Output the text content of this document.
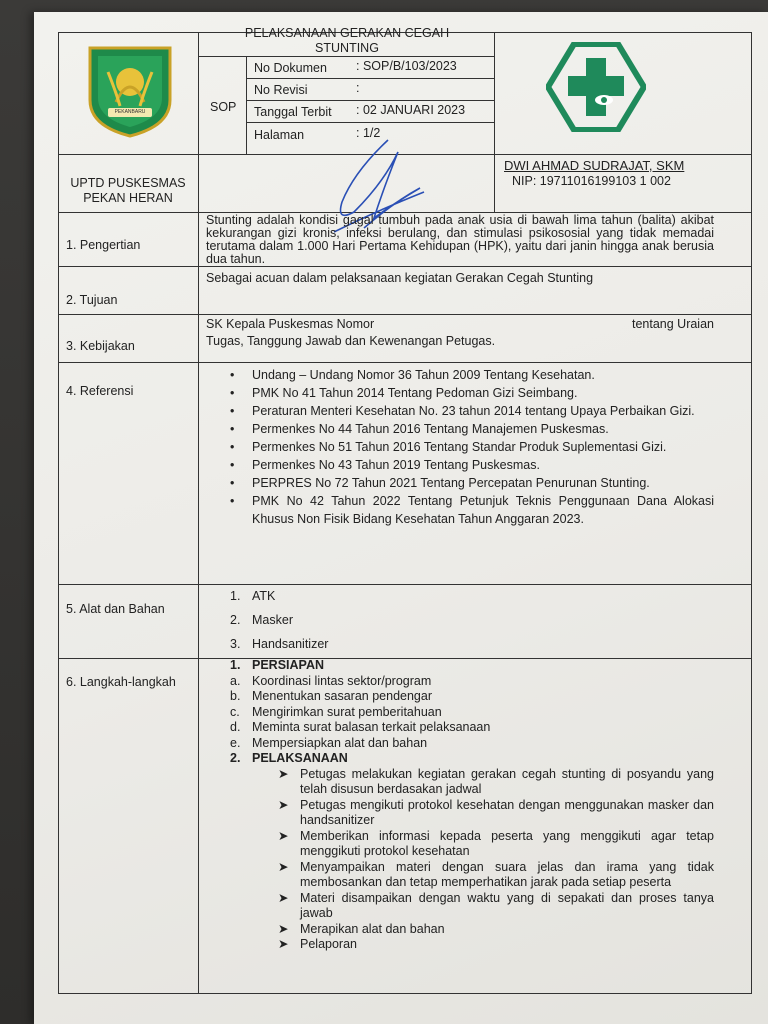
PEKANBARU
PELAKSANAAN GERAKAN CEGAH
STUNTING
SOP
No Dokumen : SOP/B/103/2023
No Revisi	:
Tanggal Terbit : 02 JANUARI 2023
Halaman	: 1/2
UPTD PUSKESMAS
PEKAN HERAN
DWI AHMAD SUDRAJAT, SKM
NIP: 19711016199103 1 002
1. Pengertian
Stunting adalah kondisi gagal tumbuh pada anak usia di bawah lima tahun (balita) akibat kekurangan gizi kronis, infeksi berulang, dan stimulasi psikososial yang tidak memadai terutama dalam 1.000 Hari Pertama Kehidupan (HPK), yaitu dari janin hingga anak berusia dua tahun.
2. Tujuan
Sebagai acuan dalam pelaksanaan kegiatan Gerakan Cegah Stunting
3. Kebijakan
SK Kepala Puskesmas Nomor	tentang Uraian
Tugas, Tanggung Jawab dan Kewenangan Petugas.
4. Referensi
• Undang – Undang Nomor 36 Tahun 2009 Tentang Kesehatan.
• PMK No 41 Tahun 2014 Tentang Pedoman Gizi Seimbang.
• Peraturan Menteri Kesehatan No. 23 tahun 2014 tentang Upaya Perbaikan Gizi.
• Permenkes No 44 Tahun 2016 Tentang Manajemen Puskesmas.
• Permenkes No 51 Tahun 2016 Tentang Standar Produk Suplementasi Gizi.
• Permenkes No 43 Tahun 2019 Tentang Puskesmas.
• PERPRES No 72 Tahun 2021 Tentang Percepatan Penurunan Stunting.
• PMK No 42 Tahun 2022 Tentang Petunjuk Teknis Penggunaan Dana Alokasi Khusus Non Fisik Bidang Kesehatan Tahun Anggaran 2023.
5. Alat dan Bahan
1. ATK
2. Masker
3. Handsanitizer
6. Langkah-langkah
1. PERSIAPAN
a. Koordinasi lintas sektor/program
b. Menentukan sasaran pendengar
c. Mengirimkan surat pemberitahuan
d. Meminta surat balasan terkait pelaksanaan
e. Mempersiapkan alat dan bahan
2. PELAKSANAAN
➤ Petugas melakukan kegiatan gerakan cegah stunting di posyandu yang telah disusun berdasakan jadwal
➤ Petugas mengikuti protokol kesehatan dengan menggunakan masker dan handsanitizer
➤ Memberikan informasi kepada peserta yang menggikuti agar tetap menggikuti protokol kesehatan
➤ Menyampaikan materi dengan suara jelas dan irama yang tidak membosankan dan tetap memperhatikan jarak pada setiap peserta
➤ Materi disampaikan dengan waktu yang di sepakati dan proses tanya jawab
➤ Merapikan alat dan bahan
➤ Pelaporan
